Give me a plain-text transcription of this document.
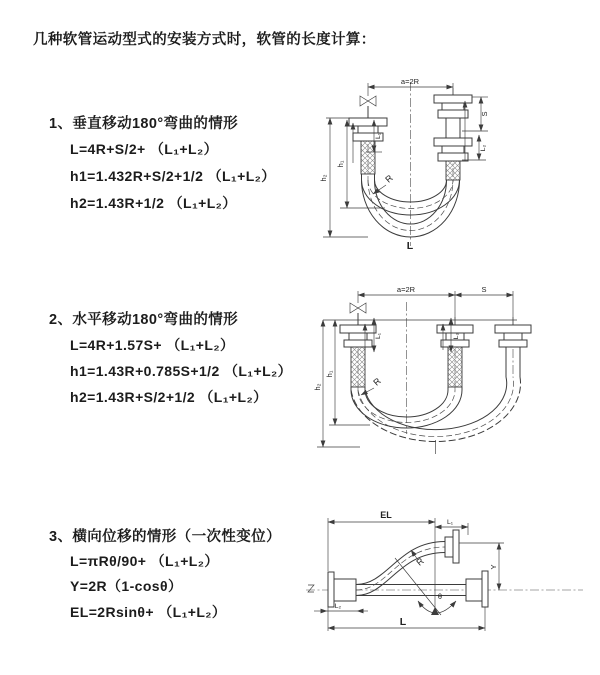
几种软管运动型式的安装方式时，软管的长度计算：
1、垂直移动180°弯曲的情形
L=4R+S/2+ （L₁+L₂）
h1=1.432R+S/2+1/2 （L₁+L₂）
h2=1.43R+1/2 （L₁+L₂）
2、水平移动180°弯曲的情形
L=4R+1.57S+ （L₁+L₂）
h1=1.43R+0.785S+1/2 （L₁+L₂）
h2=1.43R+S/2+1/2 （L₁+L₂）
3、横向位移的情形（一次性变位）
L=πRθ/90+ （L₁+L₂）
Y=2R（1-cosθ）
EL=2Rsinθ+ （L₁+L₂）
a=2R
S
L₂
h₁
h₂
L₁
R
L
a=2R	S
h₁
h₂
L₁	L₂
R
EL
L₁
Y
L₂
R
θ
L
